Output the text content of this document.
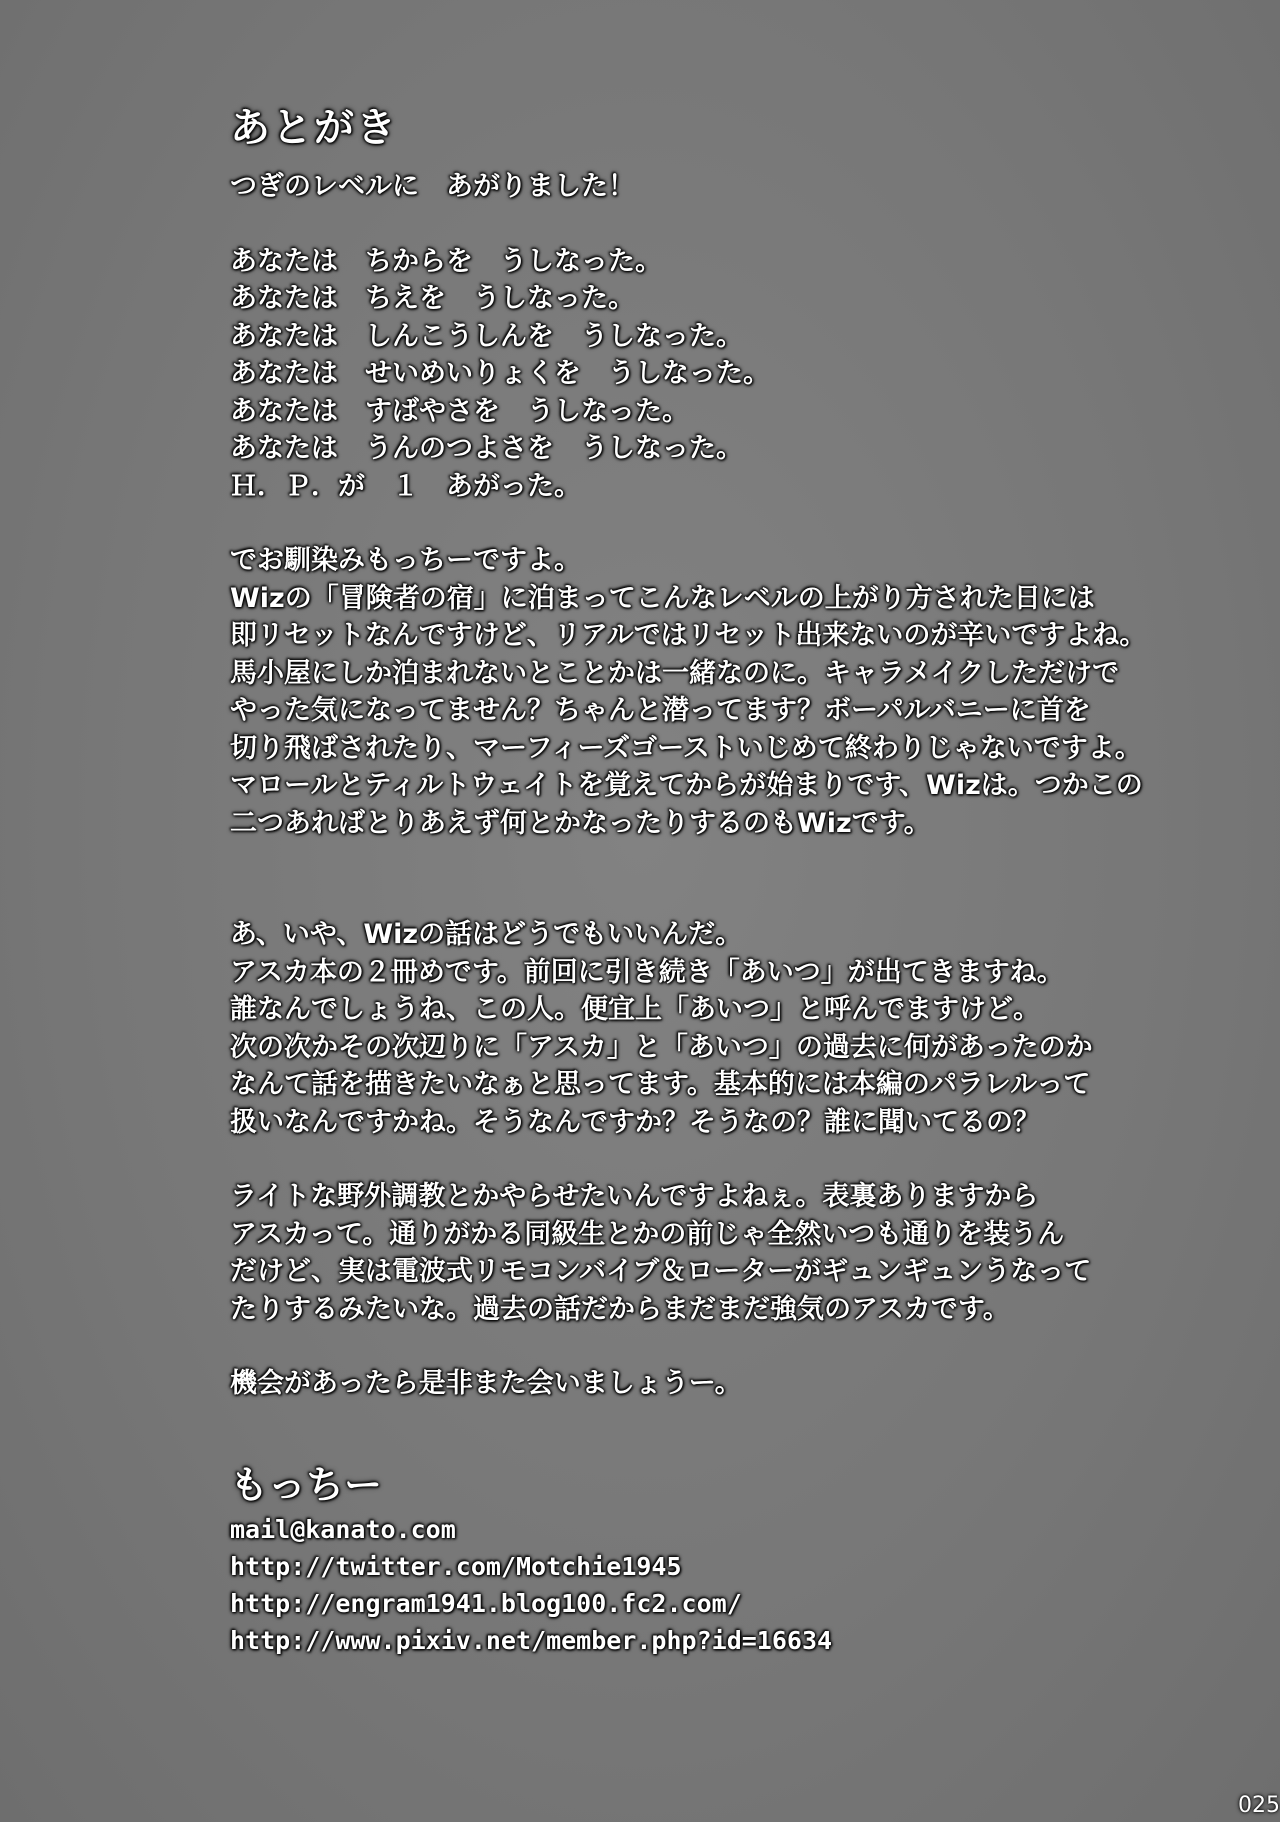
あとがき
つぎのレベルに　あがりました！
あなたは　ちからを　うしなった。
あなたは　ちえを　うしなった。
あなたは　しんこうしんを　うしなった。
あなたは　せいめいりょくを　うしなった。
あなたは　すばやさを　うしなった。
あなたは　うんのつよさを　うしなった。
Ｈ．Ｐ．が　１　あがった。
でお馴染みもっちーですよ。
Wizの「冒険者の宿」に泊まってこんなレベルの上がり方された日には
即リセットなんですけど、リアルではリセット出来ないのが辛いですよね。
馬小屋にしか泊まれないとことかは一緒なのに。キャラメイクしただけで
やった気になってません？ちゃんと潜ってます？ボーパルバニーに首を
切り飛ばされたり、マーフィーズゴーストいじめて終わりじゃないですよ。
マロールとティルトウェイトを覚えてからが始まりです、Wizは。つかこの
二つあればとりあえず何とかなったりするのもWizです。
あ、いや、Wizの話はどうでもいいんだ。
アスカ本の２冊めです。前回に引き続き「あいつ」が出てきますね。
誰なんでしょうね、この人。便宜上「あいつ」と呼んでますけど。
次の次かその次辺りに「アスカ」と「あいつ」の過去に何があったのか
なんて話を描きたいなぁと思ってます。基本的には本編のパラレルって
扱いなんですかね。そうなんですか？そうなの？誰に聞いてるの？
ライトな野外調教とかやらせたいんですよねぇ。表裏ありますから
アスカって。通りがかる同級生とかの前じゃ全然いつも通りを装うん
だけど、実は電波式リモコンバイブ＆ローターがギュンギュンうなって
たりするみたいな。過去の話だからまだまだ強気のアスカです。
機会があったら是非また会いましょうー。
もっちー
mail@kanato.com
http://twitter.com/Motchie1945
http://engram1941.blog100.fc2.com/
http://www.pixiv.net/member.php?id=16634
025
